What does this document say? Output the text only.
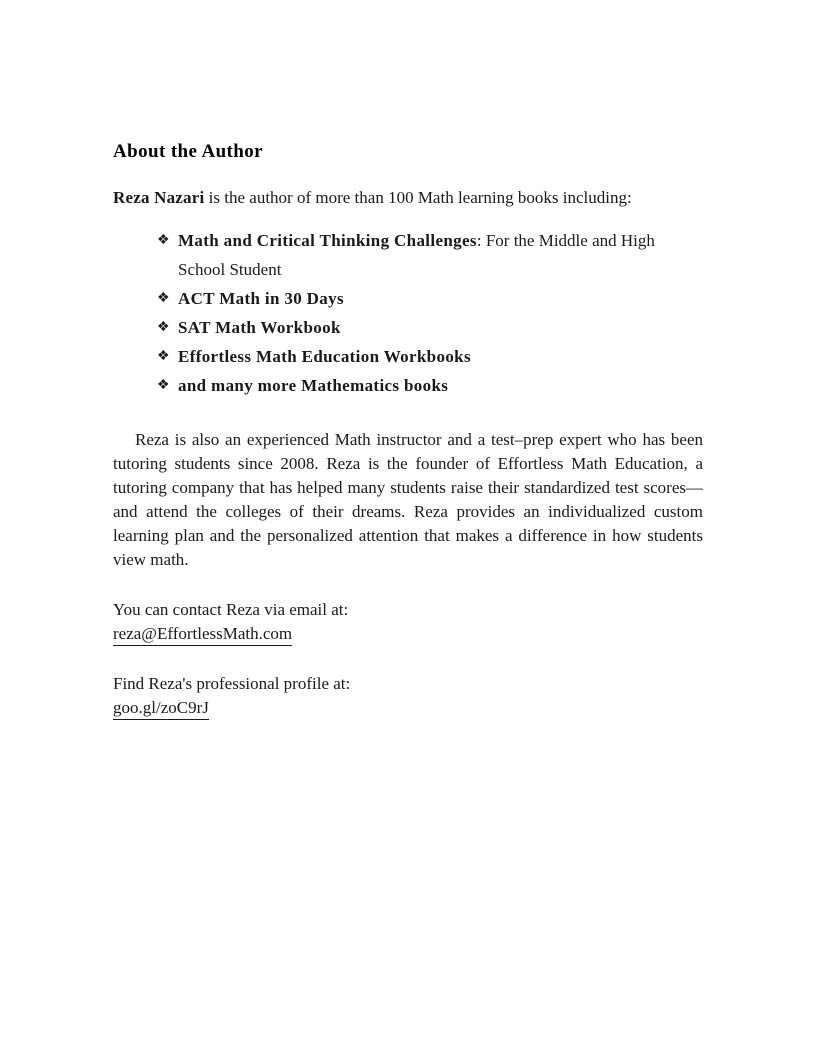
About the Author

Reza Nazari is the author of more than 100 Math learning books including:

❖ Math and Critical Thinking Challenges: For the Middle and High School Student
❖ ACT Math in 30 Days
❖ SAT Math Workbook
❖ Effortless Math Education Workbooks
❖ and many more Mathematics books

Reza is also an experienced Math instructor and a test–prep expert who has been tutoring students since 2008. Reza is the founder of Effortless Math Education, a tutoring company that has helped many students raise their standardized test scores––and attend the colleges of their dreams. Reza provides an individualized custom learning plan and the personalized attention that makes a difference in how students view math.

You can contact Reza via email at:
reza@EffortlessMath.com
Find Reza's professional profile at:
goo.gl/zoC9rJ
